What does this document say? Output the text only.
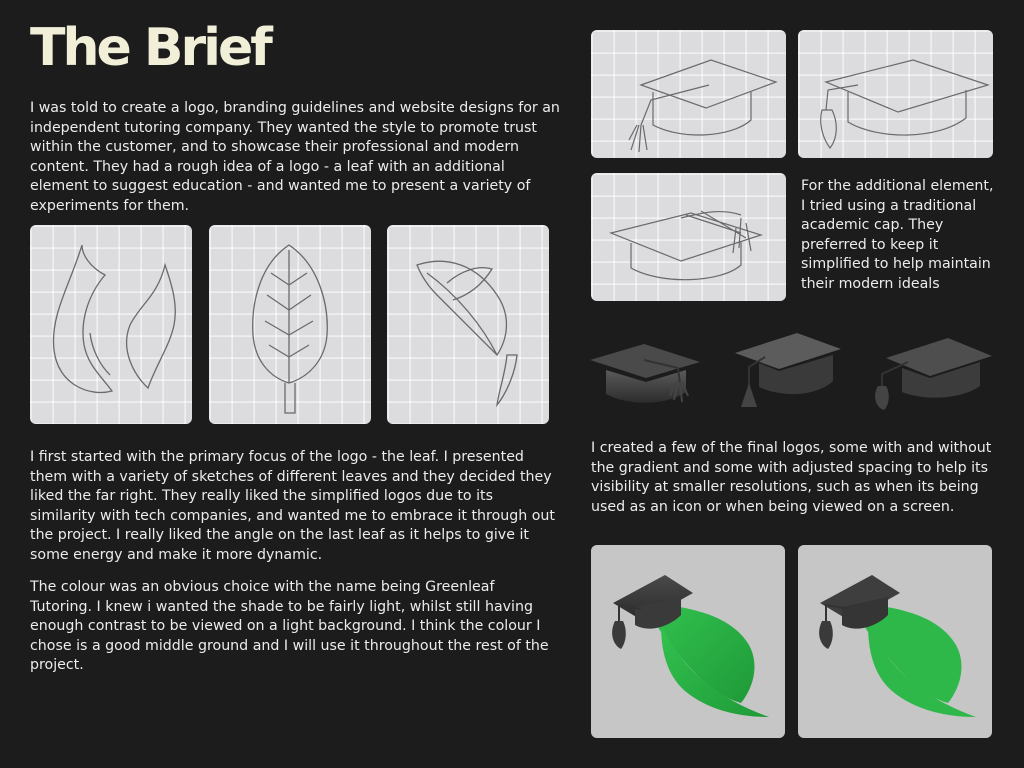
The Brief

I was told to create a logo, branding guidelines and website designs for an independent tutoring company. They wanted the style to promote trust within the customer, and to showcase their professional and modern content. They had a rough idea of a logo - a leaf with an additional element to suggest education - and wanted me to present a variety of experiments for them.

I first started with the primary focus of the logo - the leaf. I presented them with a variety of sketches of different leaves and they decided they liked the far right. They really liked the simplified logos due to its similarity with tech companies, and wanted me to embrace it through out the project. I really liked the angle on the last leaf as it helps to give it some energy and make it more dynamic.

The colour was an obvious choice with the name being Greenleaf Tutoring. I knew i wanted the shade to be fairly light, whilst still having enough contrast to be viewed on a light background. I think the colour I chose is a good middle ground and I will use it throughout the rest of the project.

For the additional element, I tried using a traditional academic cap. They preferred to keep it simplified to help maintain their modern ideals

I created a few of the final logos, some with and without the gradient and some with adjusted spacing to help its visibility at smaller resolutions, such as when its being used as an icon or when being viewed on a screen.
